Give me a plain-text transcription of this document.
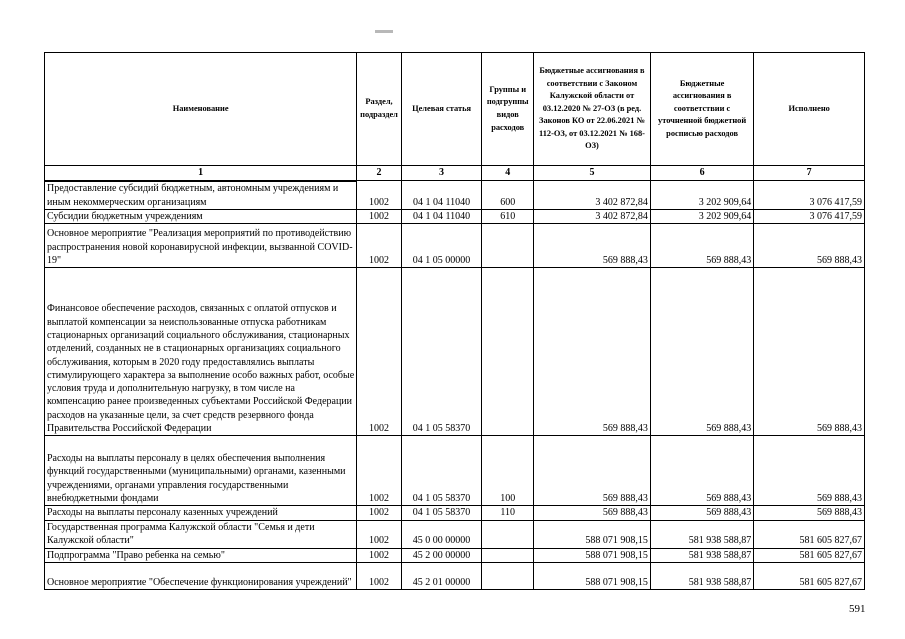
Наименование	Раздел, подраздел	Целевая статья	Группы и подгруппы видов расходов	Бюджетные ассигнования в соответствии с Законом Калужской области от 03.12.2020 № 27-ОЗ (в ред. Законов КО от 22.06.2021 № 112-ОЗ, от 03.12.2021 № 168-ОЗ)	Бюджетные ассигнования в соответствии с уточненной бюджетной росписью расходов	Исполнено
1	2	3	4	5	6	7
Предоставление субсидий бюджетным, автономным учреждениям и иным некоммерческим организациям	1002	04 1 04 11040	600	3 402 872,84	3 202 909,64	3 076 417,59
Субсидии бюджетным учреждениям	1002	04 1 04 11040	610	3 402 872,84	3 202 909,64	3 076 417,59
Основное мероприятие "Реализация мероприятий по противодействию распространения новой коронавирусной инфекции, вызванной COVID-19"	1002	04 1 05 00000		569 888,43	569 888,43	569 888,43
Финансовое обеспечение расходов, связанных с оплатой отпусков и выплатой компенсации за неиспользованные отпуска работникам стационарных организаций социального обслуживания, стационарных отделений, созданных не в стационарных организациях социального обслуживания, которым в 2020 году предоставлялись выплаты стимулирующего характера за выполнение особо важных работ, особые условия труда и дополнительную нагрузку, в том числе на компенсацию ранее произведенных субъектами Российской Федерации расходов на указанные цели, за счет средств резервного фонда Правительства Российской Федерации	1002	04 1 05 58370		569 888,43	569 888,43	569 888,43
Расходы на выплаты персоналу в целях обеспечения выполнения функций государственными (муниципальными) органами, казенными учреждениями, органами управления государственными внебюджетными фондами	1002	04 1 05 58370	100	569 888,43	569 888,43	569 888,43
Расходы на выплаты персоналу казенных учреждений	1002	04 1 05 58370	110	569 888,43	569 888,43	569 888,43
Государственная программа Калужской области "Семья и дети Калужской области"	1002	45 0 00 00000		588 071 908,15	581 938 588,87	581 605 827,67
Подпрограмма "Право ребенка на семью"	1002	45 2 00 00000		588 071 908,15	581 938 588,87	581 605 827,67
Основное мероприятие "Обеспечение функционирования учреждений"	1002	45 2 01 00000		588 071 908,15	581 938 588,87	581 605 827,67
591
